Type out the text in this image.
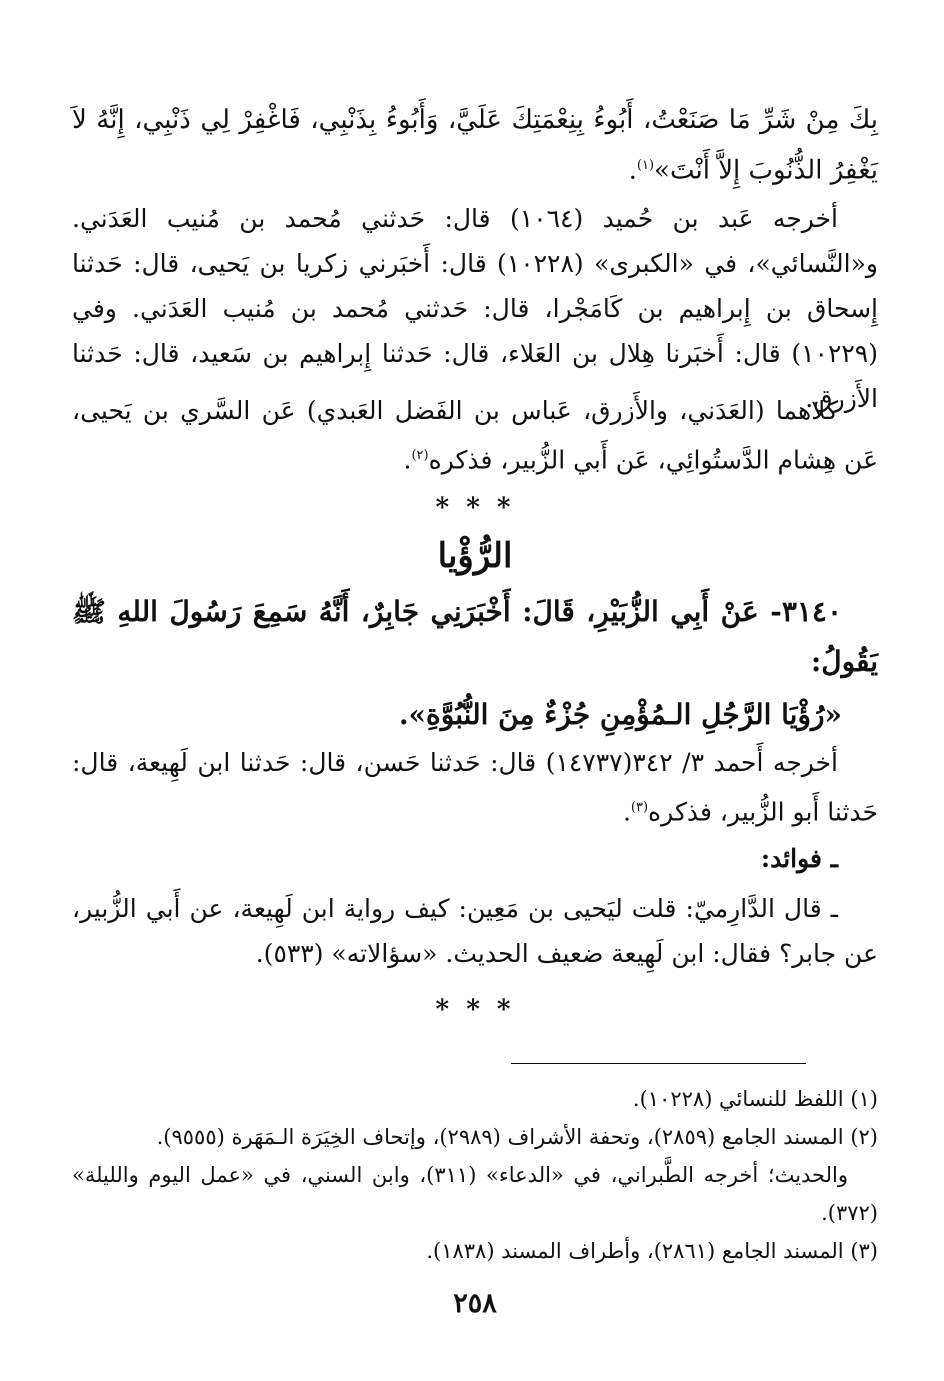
بِكَ مِنْ شَرِّ مَا صَنَعْتُ، أَبُوءُ بِنِعْمَتِكَ عَلَيَّ، وَأَبُوءُ بِذَنْبِي، فَاغْفِرْ لِي ذَنْبِي، إِنَّهُ لاَ يَغْفِرُ الذُّنُوبَ إِلاَّ أَنْتَ»$^{(١)}$.
أخرجه عَبد بن حُميد (١٠٦٤) قال: حَدثني مُحمد بن مُنيب العَدَني. و«النَّسائي»، في «الكبرى» (١٠٢٢٨) قال: أَخبَرني زكريا بن يَحيى، قال: حَدثنا إِسحاق بن إِبراهيم بن كَامَجْرا، قال: حَدثني مُحمد بن مُنيب العَدَني. وفي (١٠٢٢٩) قال: أَخبَرنا هِلال بن العَلاء، قال: حَدثنا إِبراهيم بن سَعيد، قال: حَدثنا الأَزرق.
كلاهما (العَدَني، والأَزرق، عَباس بن الفَضل العَبدي) عَن السَّري بن يَحيى، عَن هِشام الدَّستُوائِي، عَن أَبي الزُّبير، فذكره$^{(٢)}$.
* * *
الرُّؤْيا
٣١٤٠- عَنْ أَبِي الزُّبَيْرِ، قَالَ: أَخْبَرَنِي جَابِرٌ، أَنَّهُ سَمِعَ رَسُولَ اللهِ ﷺ يَقُولُ:
«رُؤْيَا الرَّجُلِ الـمُؤْمِنِ جُزْءٌ مِنَ النُّبُوَّةِ».
أخرجه أَحمد ٣/ ٣٤٢(١٤٧٣٧) قال: حَدثنا حَسن، قال: حَدثنا ابن لَهِيعة، قال: حَدثنا أَبو الزُّبير، فذكره$^{(٣)}$.
ـ فوائد:
ـ قال الدَّارِميّ: قلت ليَحيى بن مَعِين: كيف رواية ابن لَهِيعة، عن أَبي الزُّبير، عن جابر؟ فقال: ابن لَهِيعة ضعيف الحديث. «سؤالاته» (٥٣٣).
* * *
(١) اللفظ للنسائي (١٠٢٢٨).
(٢) المسند الجامع (٢٨٥٩)، وتحفة الأشراف (٢٩٨٩)، وإتحاف الخِيَرَة الـمَهَرة (٩٥٥٥).
والحديث؛ أخرجه الطَّبراني، في «الدعاء» (٣١١)، وابن السني، في «عمل اليوم والليلة» (٣٧٢).
(٣) المسند الجامع (٢٨٦١)، وأطراف المسند (١٨٣٨).
٢٥٨
